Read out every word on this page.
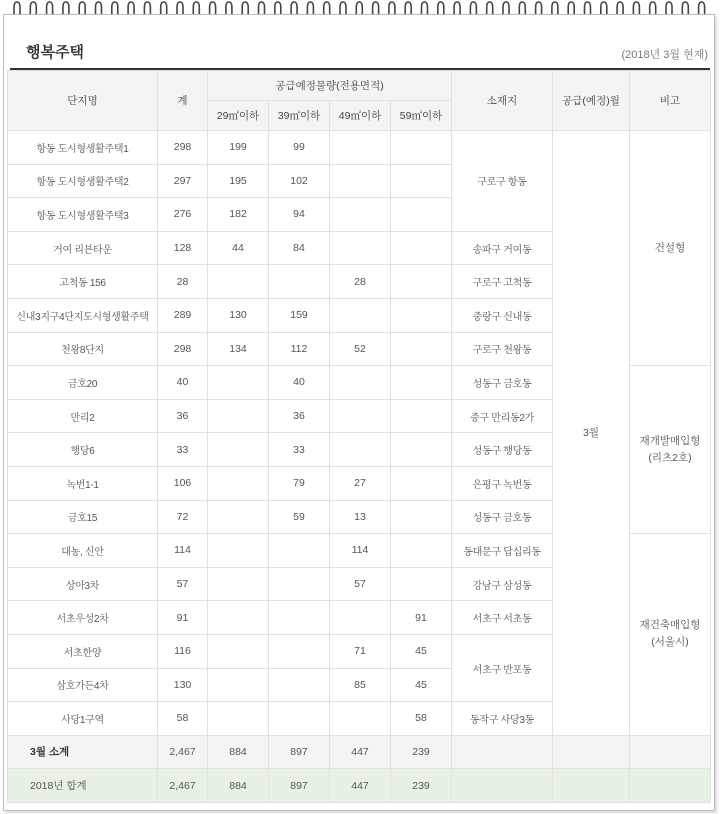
행복주택	(2018년 3월 현재)
단지명	계	공급예정물량(전용면적)				소재지	공급(예정)월	비고
		29㎡이하	39㎡이하	49㎡이하	59㎡이하			
항동 도시형생활주택1	298	199	99			구로구 항동	3월	건설형

항동 도시형생활주택2	297	195	102					
항동 도시형생활주택3	276	182	94					
거여 리븐타운	128	44	84			송파구 거여동		
고척동 156	28			28		구로구 고척동		
신내3지구4단지도시형생활주택	289	130	159			중랑구 신내동		
천왕8단지	298	134	112	52		구로구 천왕동		
금호20	40		40			성동구 금호동		재개발매입형
(리츠2호)

만리2	36		36			중구 만리동2가		
행당6	33		33			성동구 행당동		
녹번1-1	106		79	27		은평구 녹번동		
금호15	72		59	13		성동구 금호동		
대농, 신안	114			114		동대문구 답십리동		재건축매입형
(서울시)

상아3차	57			57		강남구 삼성동		
서초우성2차	91				91	서초구 서초동		
서초한양	116			71	45	서초구 반포동		
삼호가든4차	130			85	45			
사당1구역	58				58	동작구 사당3동		
3월 소계	2,467	884	897	447	239			
2018년 합계	2,467	884	897	447	239			
